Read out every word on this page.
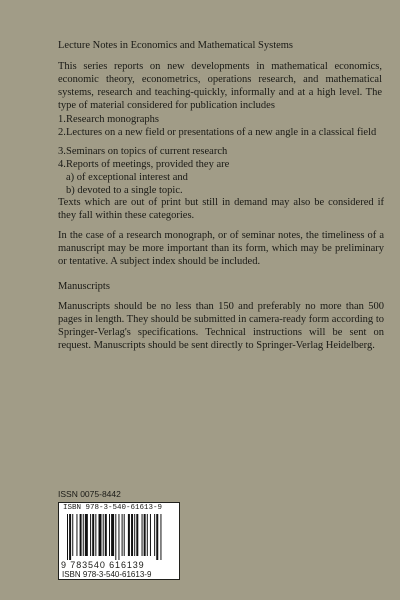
Lecture Notes in Economics and Mathematical Systems
This series reports on new developments in mathematical economics, economic theory, econometrics, operations research, and mathematical systems, research and teaching-quickly, informally and at a high level. The type of material considered for publication includes
1. Research monographs
2. Lectures on a new field or presentations of a new angle in a classical field
3. Seminars on topics of current research
4. Reports of meetings, provided they are
a) of exceptional interest and
b) devoted to a single topic.
Texts which are out of print but still in demand may also be considered if they fall within these categories.
In the case of a research monograph, or of seminar notes, the timeliness of a manuscript may be more important than its form, which may be preliminary or tentative. A subject index should be included.
Manuscripts
Manuscripts should be no less than 150 and preferably no more than 500 pages in length. They should be submitted in camera-ready form according to Springer-Verlag's specifications. Technical instructions will be sent on request. Manuscripts should be sent directly to Springer-Verlag Heidelberg.
ISSN 0075-8442
ISBN 978-3-540-61613-9
9 783540 616139
ISBN 978-3-540-61613-9
